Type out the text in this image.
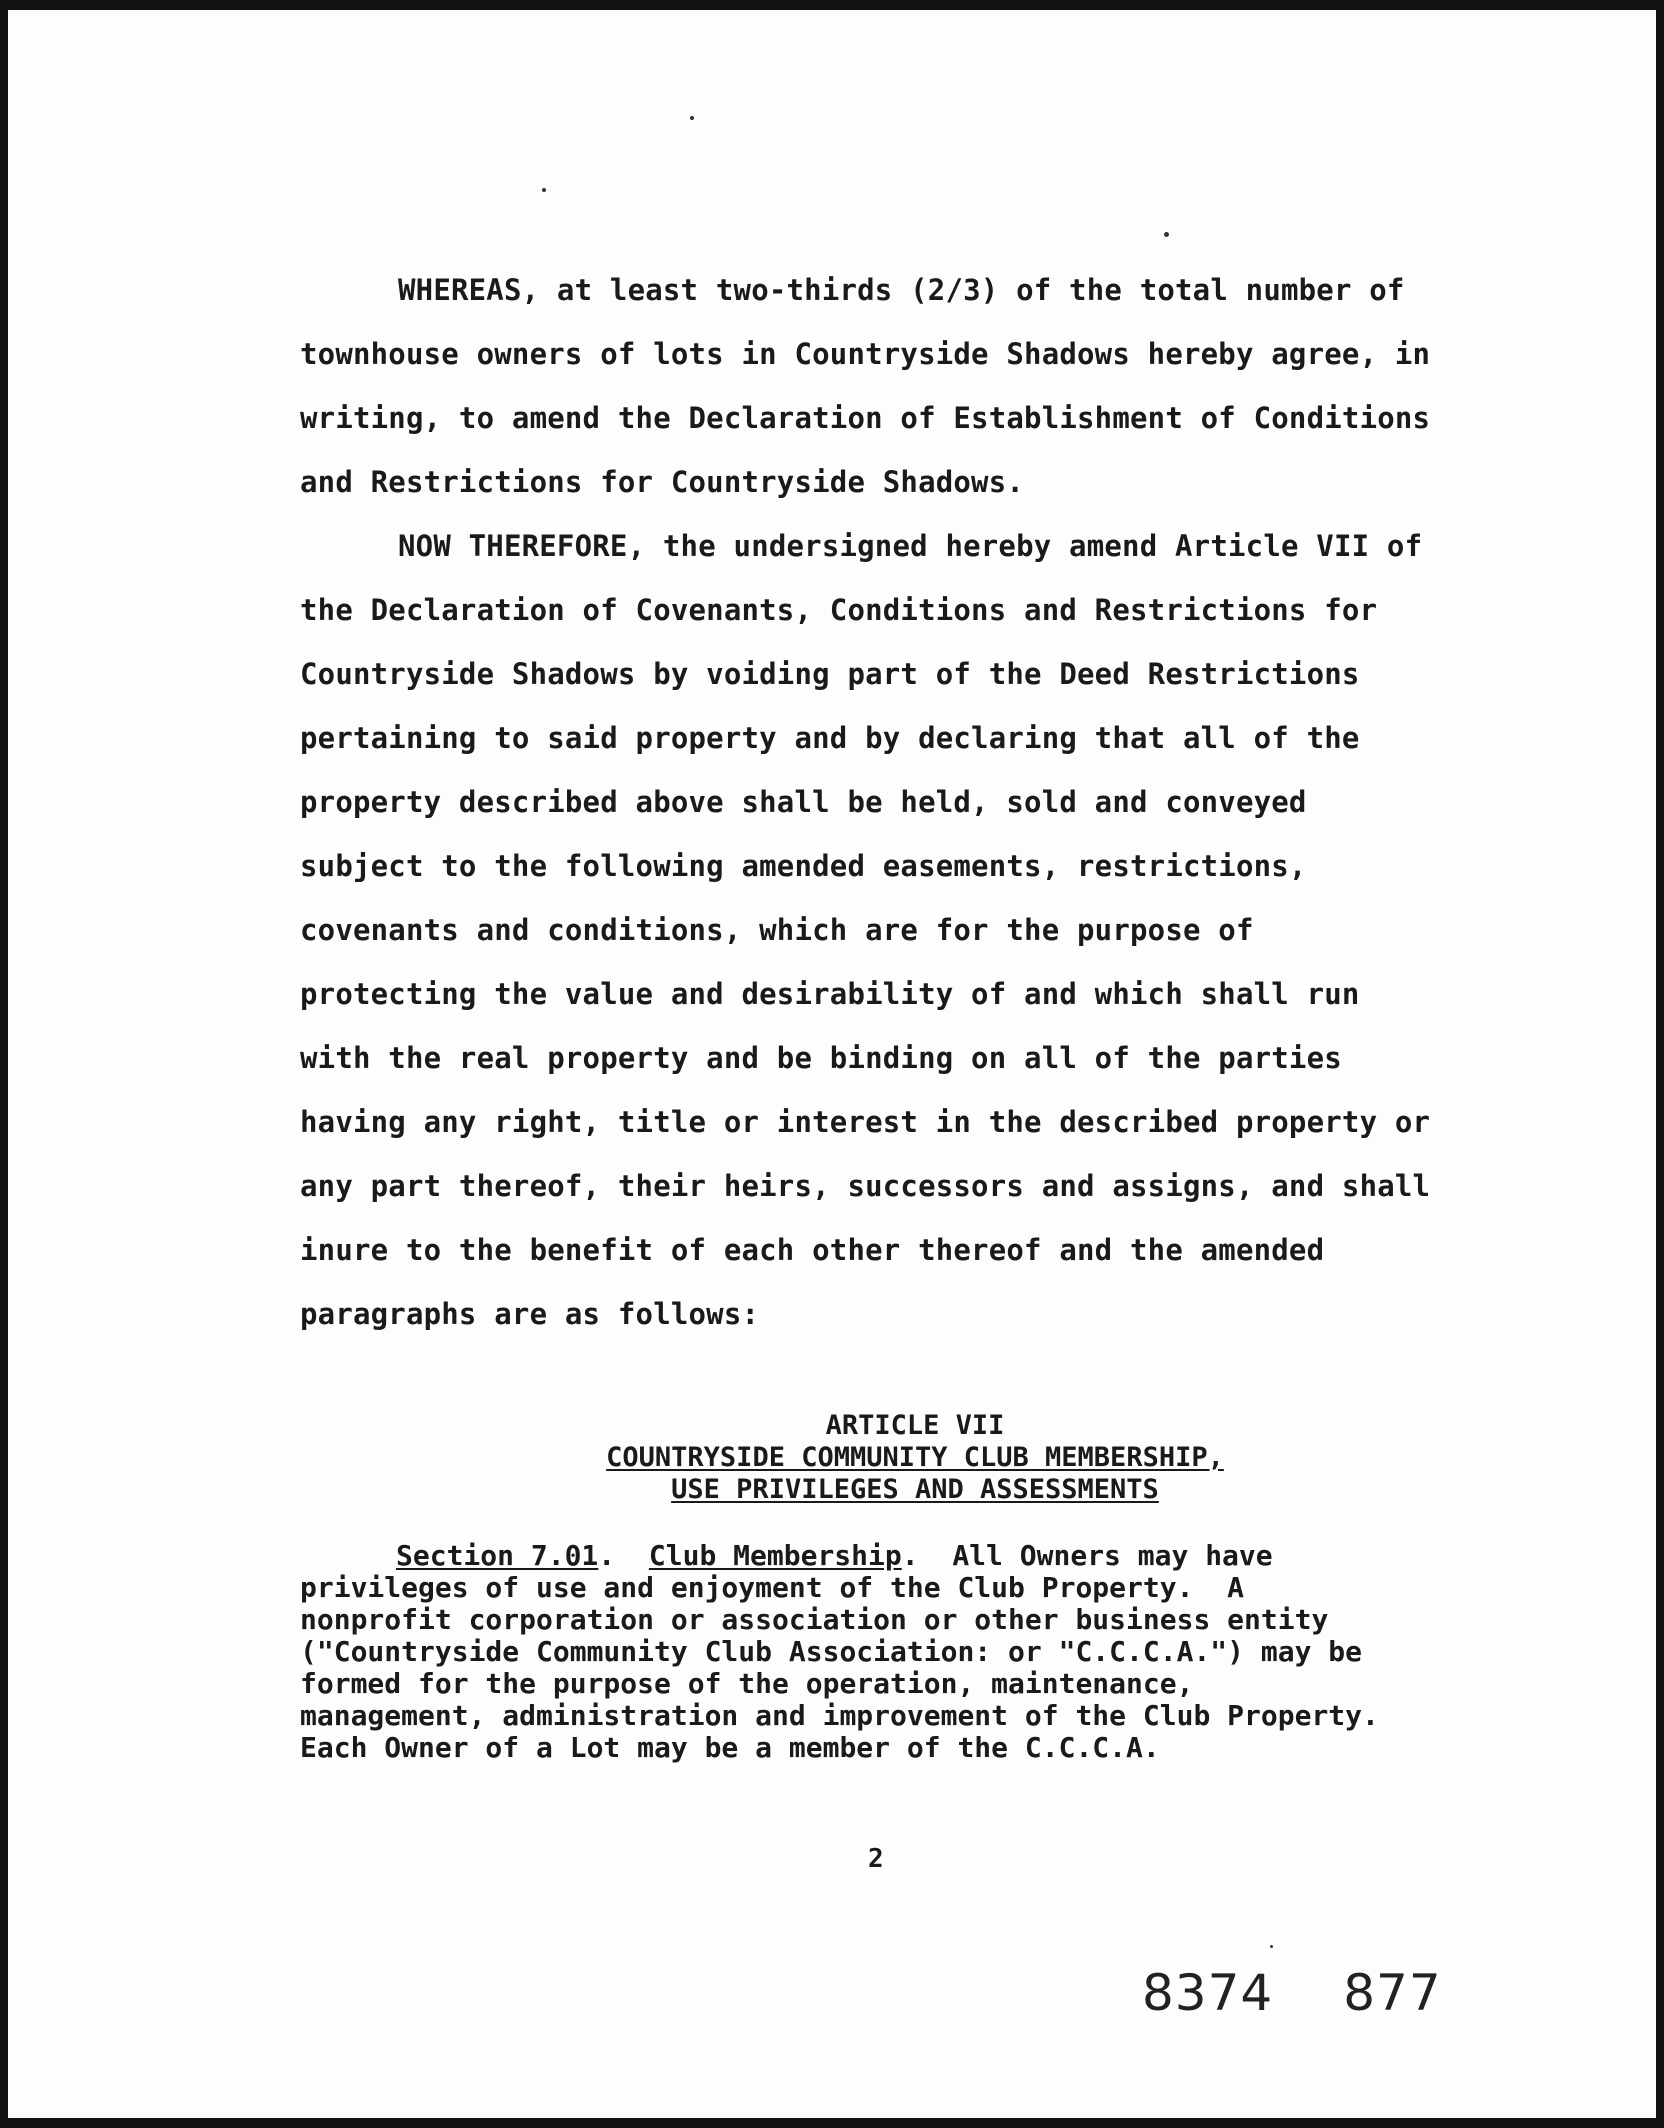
WHEREAS, at least two-thirds (2/3) of the total number of
townhouse owners of lots in Countryside Shadows hereby agree, in
writing, to amend the Declaration of Establishment of Conditions
and Restrictions for Countryside Shadows.
NOW THEREFORE, the undersigned hereby amend Article VII of
the Declaration of Covenants, Conditions and Restrictions for
Countryside Shadows by voiding part of the Deed Restrictions
pertaining to said property and by declaring that all of the
property described above shall be held, sold and conveyed
subject to the following amended easements, restrictions,
covenants and conditions, which are for the purpose of
protecting the value and desirability of and which shall run
with the real property and be binding on all of the parties
having any right, title or interest in the described property or
any part thereof, their heirs, successors and assigns, and shall
inure to the benefit of each other thereof and the amended
paragraphs are as follows:
ARTICLE VII
COUNTRYSIDE COMMUNITY CLUB MEMBERSHIP,
USE PRIVILEGES AND ASSESSMENTS
Section 7.01.  Club Membership.  All Owners may have
privileges of use and enjoyment of the Club Property.  A
nonprofit corporation or association or other business entity
("Countryside Community Club Association: or "C.C.C.A.") may be
formed for the purpose of the operation, maintenance,
management, administration and improvement of the Club Property.
Each Owner of a Lot may be a member of the C.C.C.A.
2
8374 877
